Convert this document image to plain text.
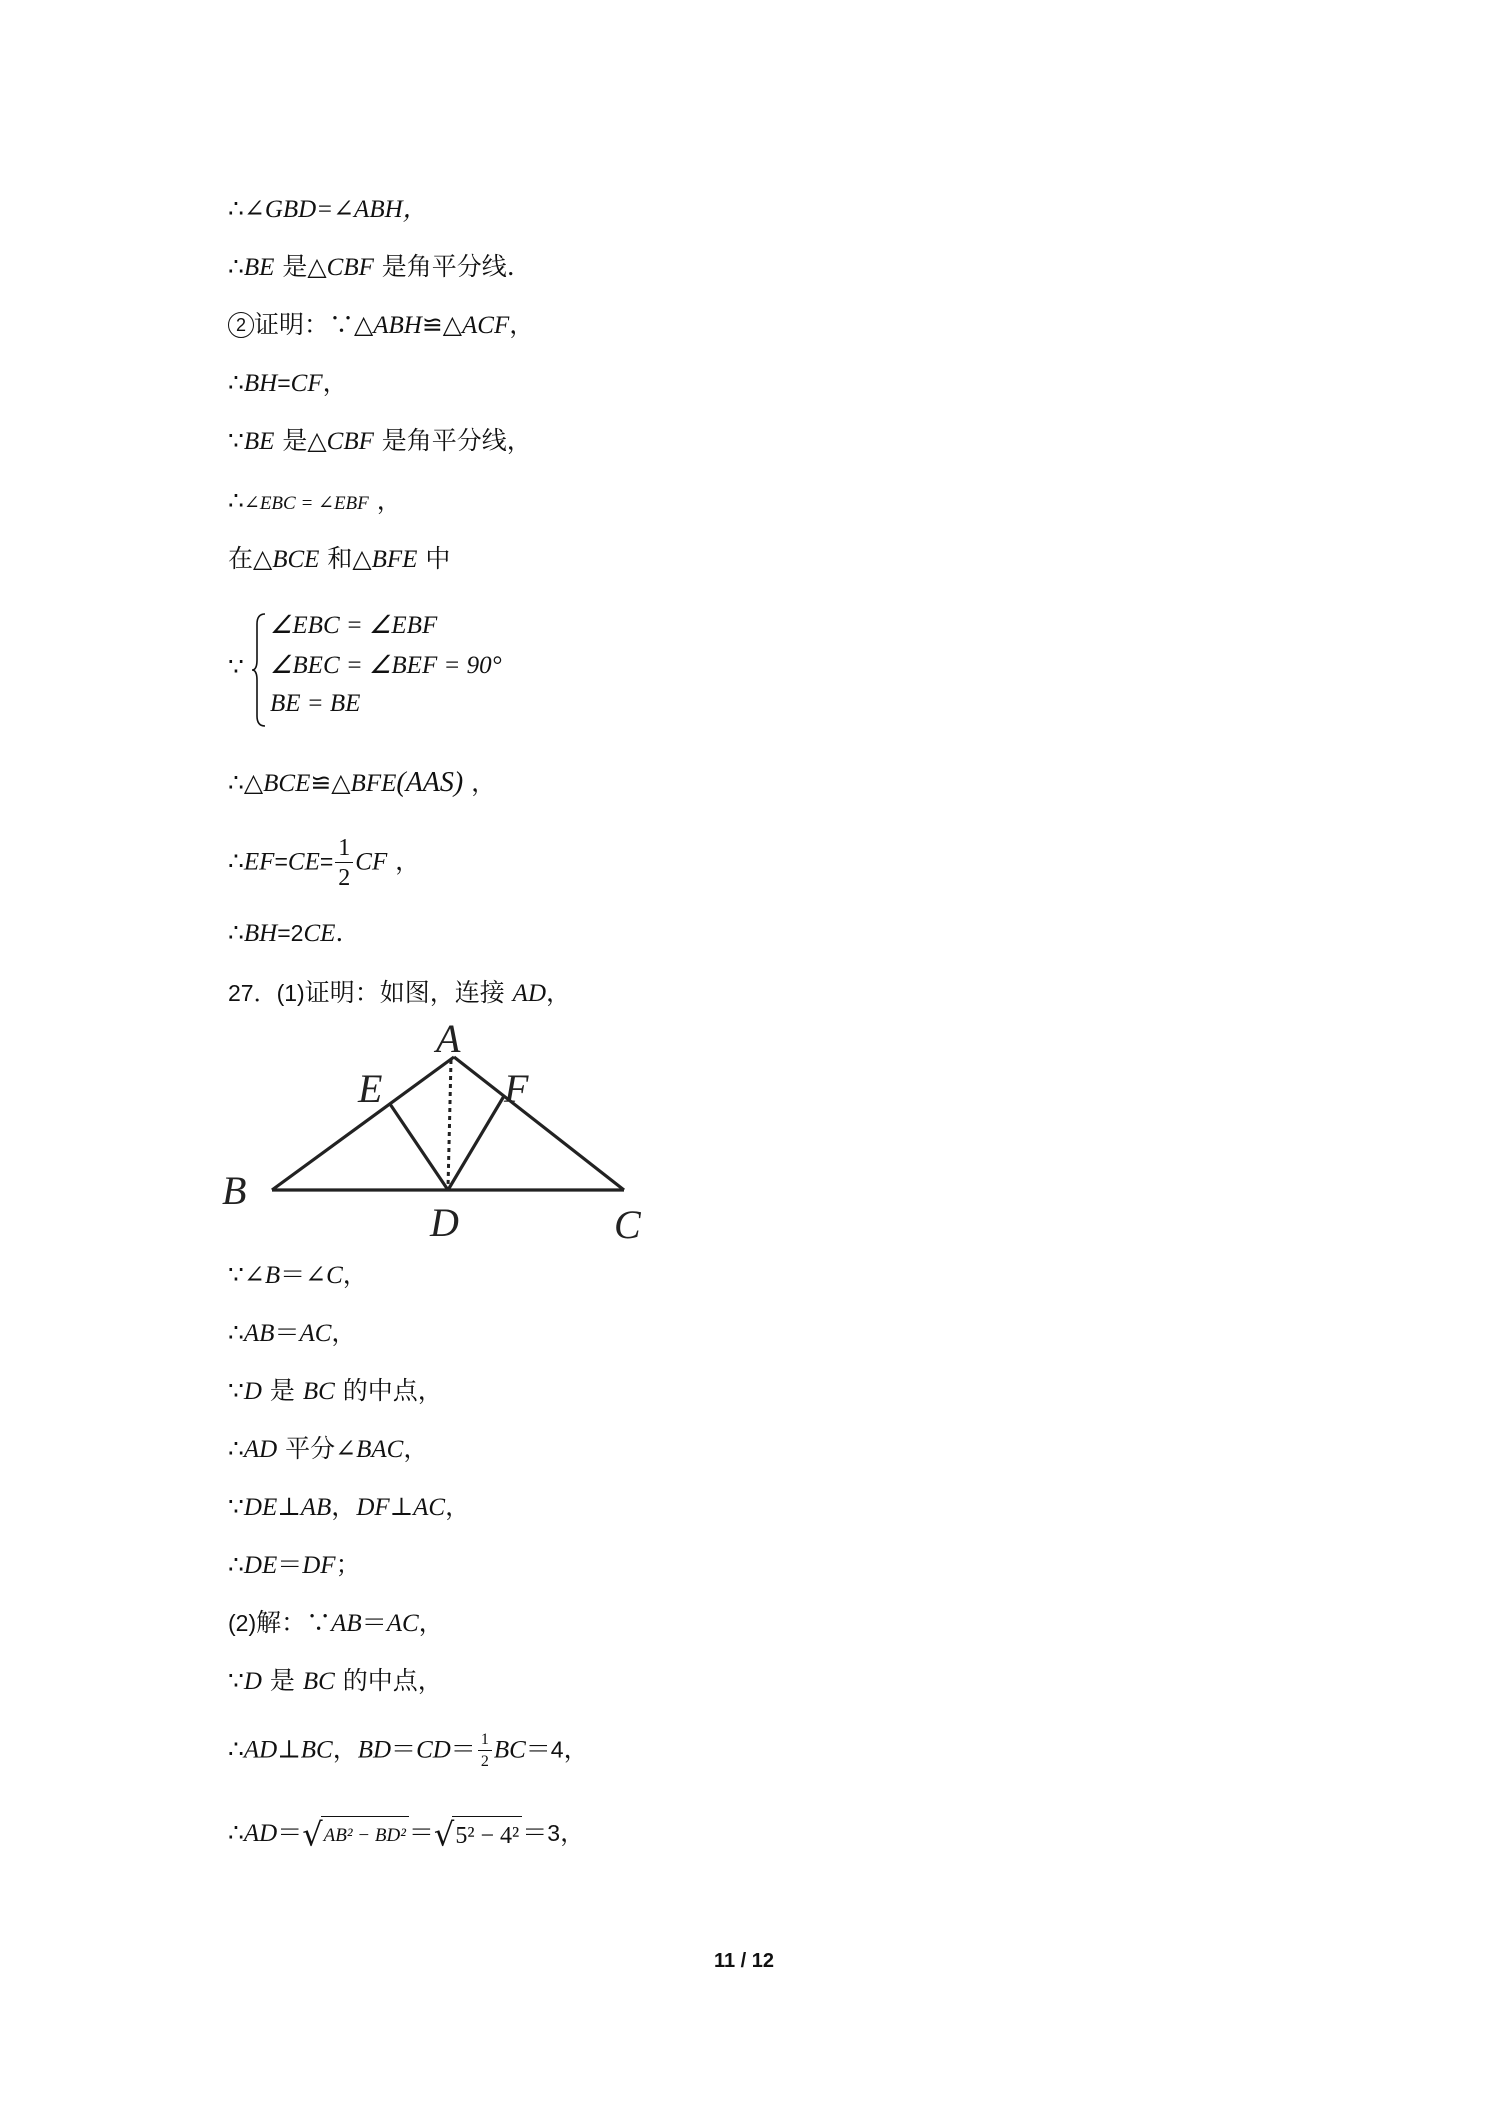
∴∠GBD=∠ABH，
∴BE 是△CBF 是角平分线.
2 证明：∵△ABH≌△ACF，
∴BH=CF，
∵BE 是△CBF 是角平分线，
∴∠EBC = ∠EBF ，
在△BCE 和△BFE 中
∵
∠EBC = ∠EBF
∠BEC = ∠BEF = 90°
BE = BE
∴△BCE≌△BFE(AAS) ，
∴EF=CE= $\frac{1}{2}$ CF ，
∴BH=2CE.
27．(1)证明：如图，连接 AD，
A
B
C
D
E	F
∵∠B＝∠C，
∴AB＝AC，
∵D 是 BC 的中点，
∴AD 平分∠BAC，
∵DE⊥AB，DF⊥AC，
∴DE＝DF；
(2)解：∵AB＝AC，
∵D 是 BC 的中点，
∴AD⊥BC，$BD=CD= \frac{1}{2} BC=4$，
∴AD＝√AB² − BD² ＝√5² − 4² ＝3，
11 / 12
